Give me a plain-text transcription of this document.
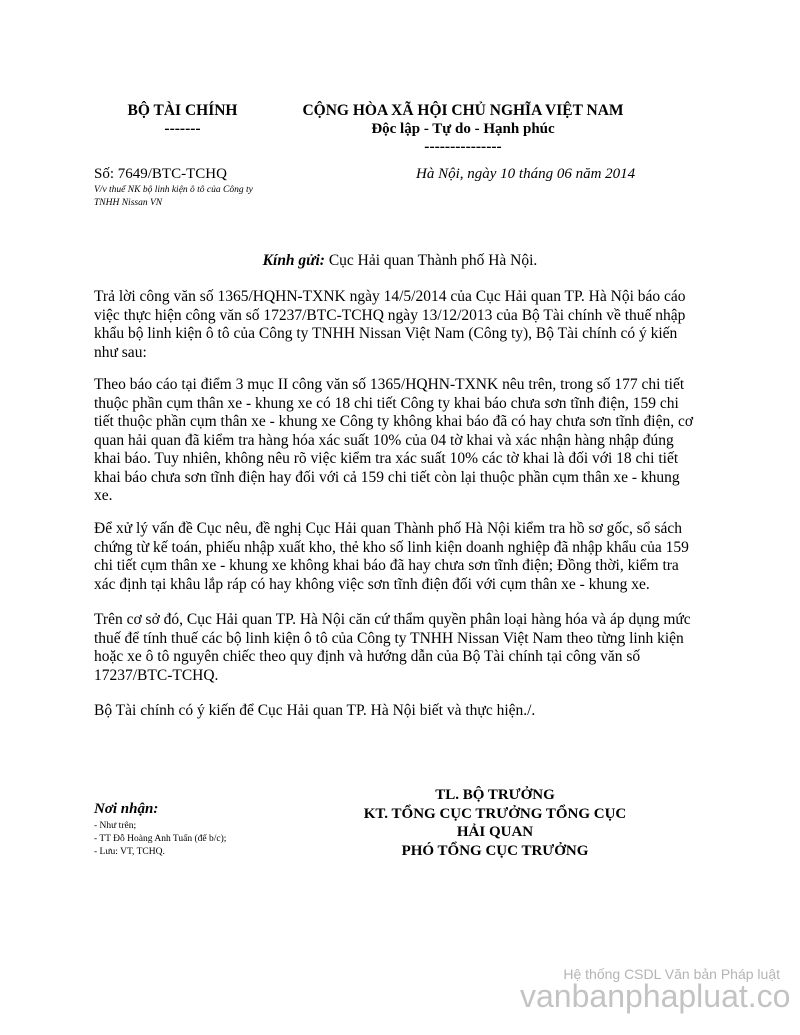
BỘ TÀI CHÍNH
-------
CỘNG HÒA XÃ HỘI CHỦ NGHĨA VIỆT NAM
Độc lập - Tự do - Hạnh phúc
---------------
Số: 7649/BTC-TCHQ	Hà Nội, ngày 10 tháng 06 năm 2014
V/v thuế NK bộ linh kiện ô tô của Công ty
TNHH Nissan VN
Kính gửi: Cục Hải quan Thành phố Hà Nội.
Trả lời công văn số 1365/HQHN-TXNK ngày 14/5/2014 của Cục Hải quan TP. Hà Nội báo cáo
việc thực hiện công văn số 17237/BTC-TCHQ ngày 13/12/2013 của Bộ Tài chính về thuế nhập
khẩu bộ linh kiện ô tô của Công ty TNHH Nissan Việt Nam (Công ty), Bộ Tài chính có ý kiến
như sau:
Theo báo cáo tại điểm 3 mục II công văn số 1365/HQHN-TXNK nêu trên, trong số 177 chi tiết
thuộc phần cụm thân xe - khung xe có 18 chi tiết Công ty khai báo chưa sơn tĩnh điện, 159 chi
tiết thuộc phần cụm thân xe - khung xe Công ty không khai báo đã có hay chưa sơn tĩnh điện, cơ
quan hải quan đã kiểm tra hàng hóa xác suất 10% của 04 tờ khai và xác nhận hàng nhập đúng
khai báo. Tuy nhiên, không nêu rõ việc kiểm tra xác suất 10% các tờ khai là đối với 18 chi tiết
khai báo chưa sơn tĩnh điện hay đối với cả 159 chi tiết còn lại thuộc phần cụm thân xe - khung
xe.
Để xử lý vấn đề Cục nêu, đề nghị Cục Hải quan Thành phố Hà Nội kiểm tra hồ sơ gốc, sổ sách
chứng từ kế toán, phiếu nhập xuất kho, thẻ kho số linh kiện doanh nghiệp đã nhập khẩu của 159
chi tiết cụm thân xe - khung xe không khai báo đã hay chưa sơn tĩnh điện; Đồng thời, kiểm tra
xác định tại khâu lắp ráp có hay không việc sơn tĩnh điện đối với cụm thân xe - khung xe.
Trên cơ sở đó, Cục Hải quan TP. Hà Nội căn cứ thẩm quyền phân loại hàng hóa và áp dụng mức
thuế để tính thuế các bộ linh kiện ô tô của Công ty TNHH Nissan Việt Nam theo từng linh kiện
hoặc xe ô tô nguyên chiếc theo quy định và hướng dẫn của Bộ Tài chính tại công văn số
17237/BTC-TCHQ.
Bộ Tài chính có ý kiến để Cục Hải quan TP. Hà Nội biết và thực hiện./.
Nơi nhận:
- Như trên;
- TT Đỗ Hoàng Anh Tuấn (để b/c);
- Lưu: VT, TCHQ.
TL. BỘ TRƯỞNG
KT. TỔNG CỤC TRƯỞNG TỔNG CỤC
HẢI QUAN
PHÓ TỔNG CỤC TRƯỞNG
Hệ thống CSDL Văn bản Pháp luật
vanbanphapluat.co
